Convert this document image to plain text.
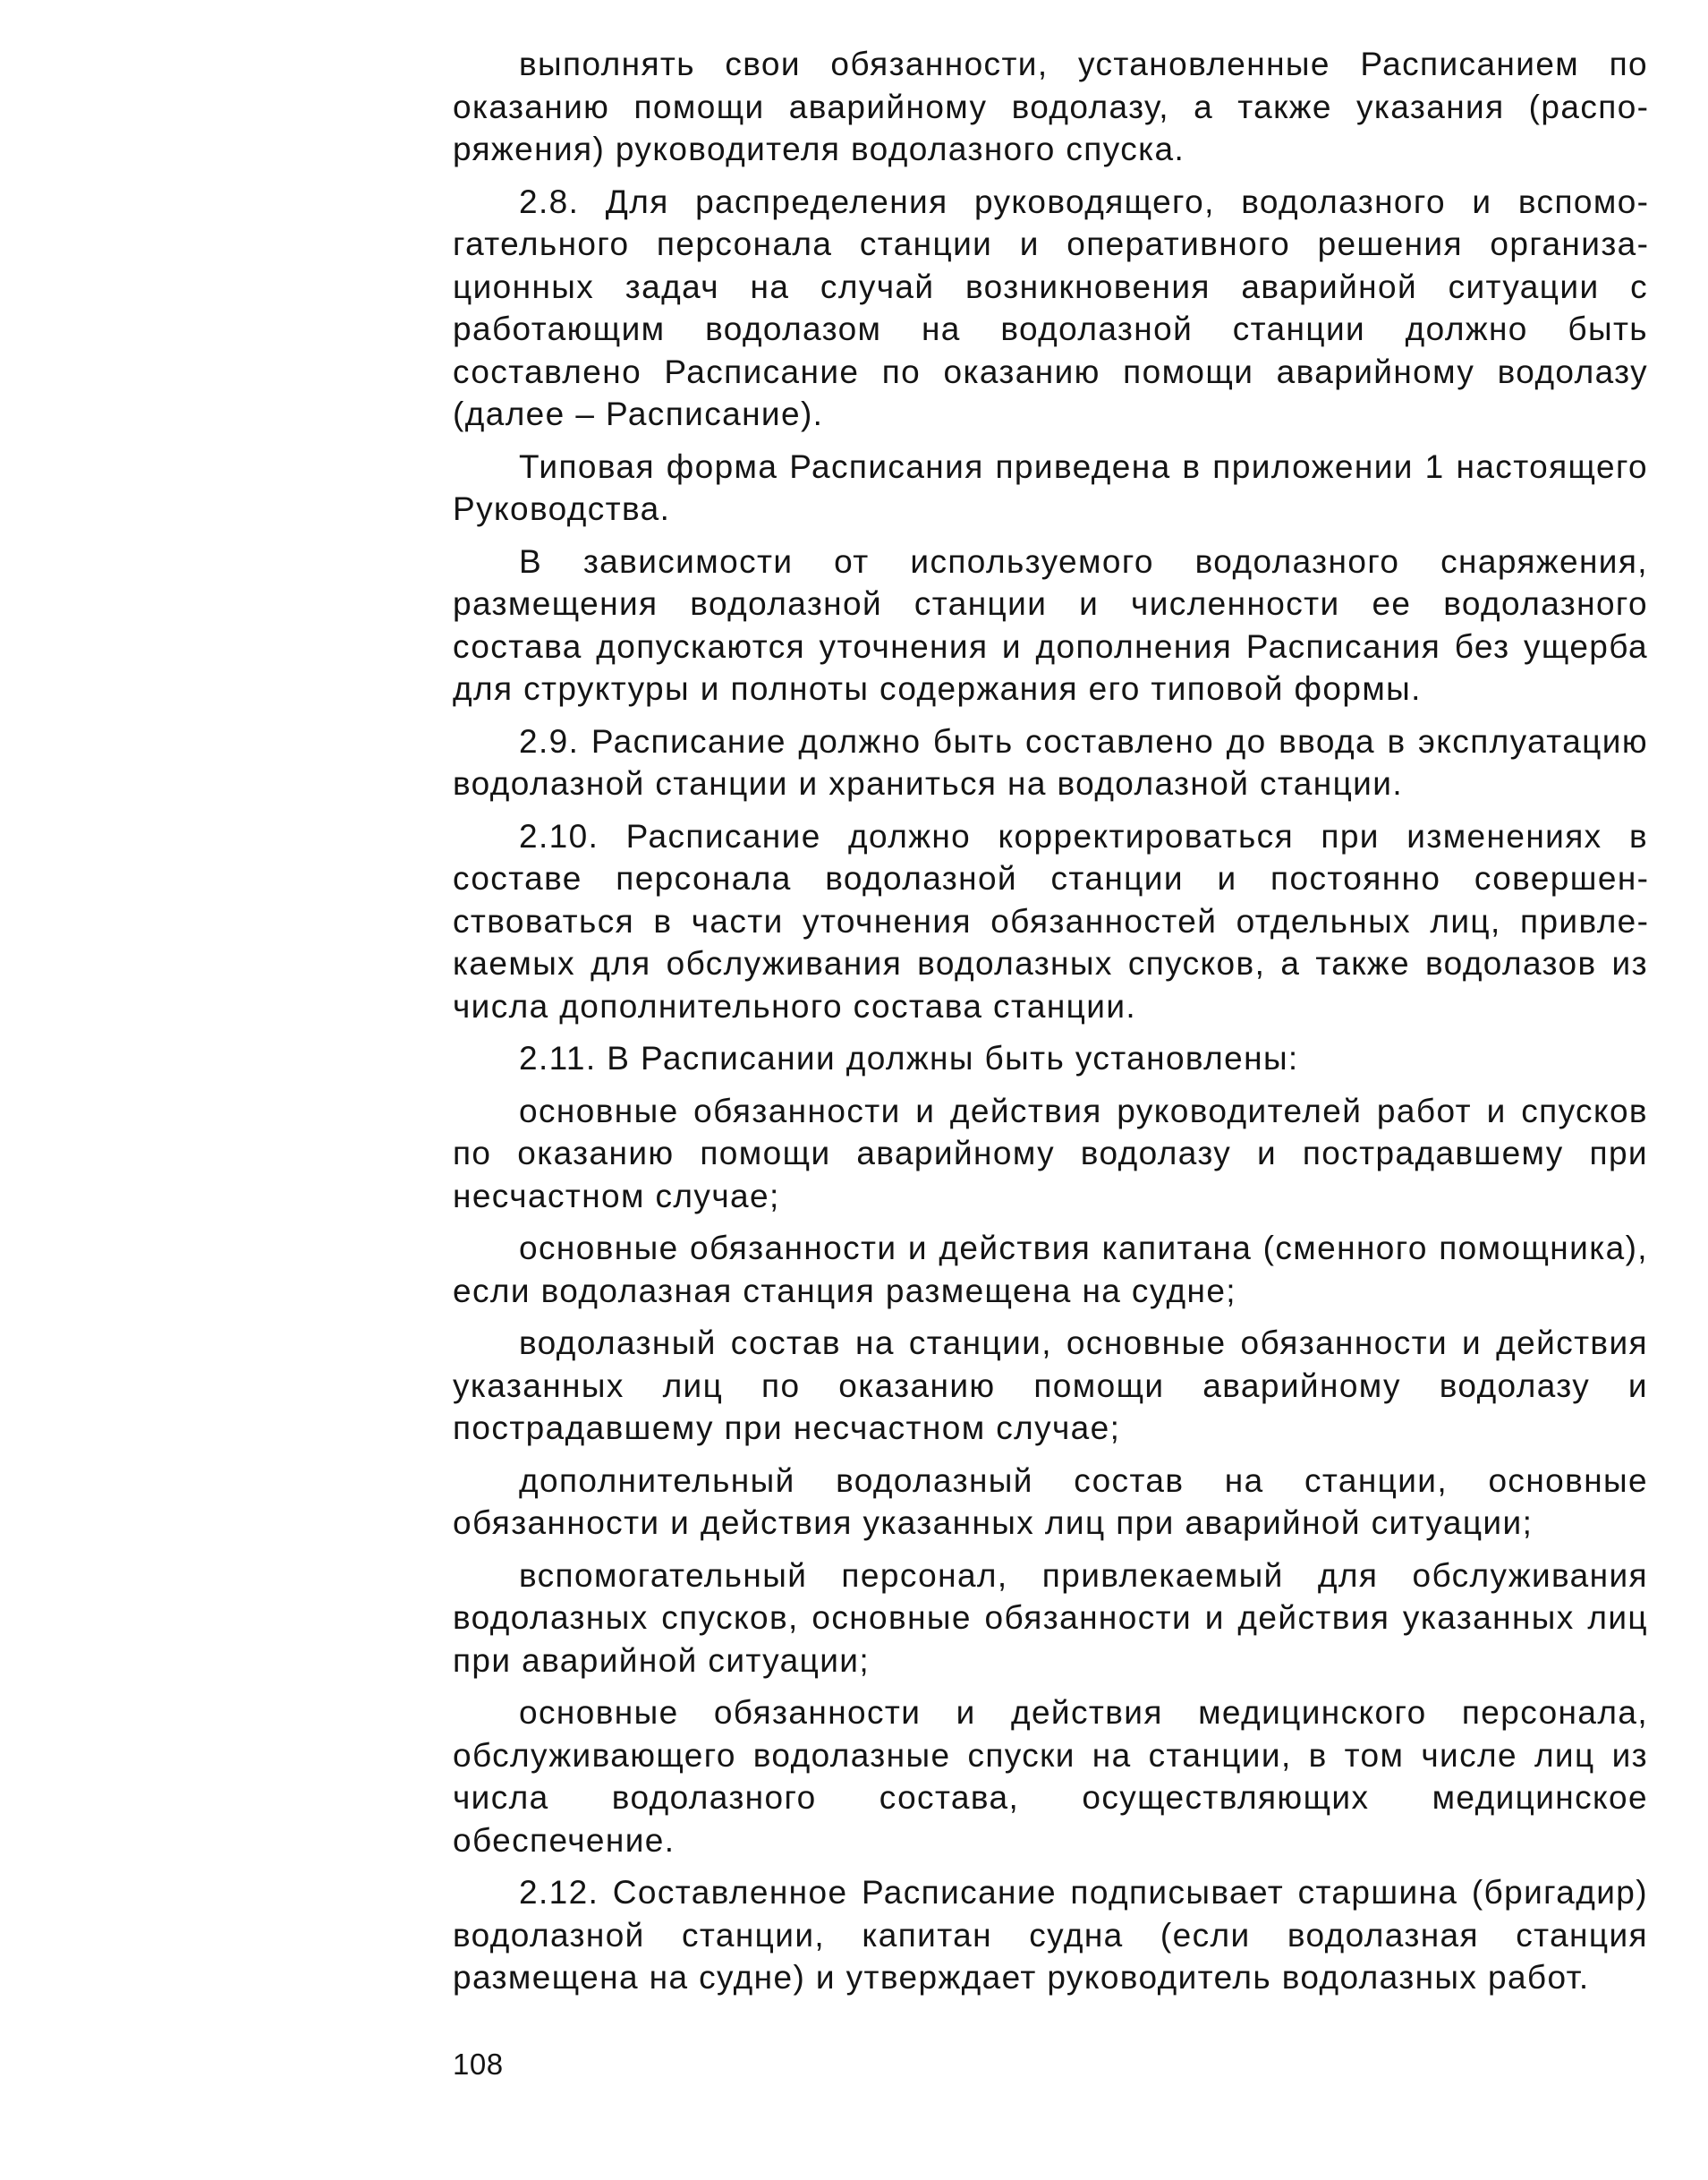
выполнять свои обязанности, установленные Расписанием по оказанию помощи аварийному водолазу, а также указания (распоряжения) руководителя водолазного спуска.

2.8. Для распределения руководящего, водолазного и вспомогательного персонала станции и оперативного решения организационных задач на случай возникновения аварийной ситуации с работающим водолазом на водолазной станции должно быть составлено Расписание по оказанию помощи аварийному водолазу (далее – Расписание).

Типовая форма Расписания приведена в приложении 1 настоящего Руководства.

В зависимости от используемого водолазного снаряжения, размещения водолазной станции и численности ее водолазного состава допускаются уточнения и дополнения Расписания без ущерба для структуры и полноты содержания его типовой формы.

2.9. Расписание должно быть составлено до ввода в эксплуатацию водолазной станции и храниться на водолазной станции.

2.10. Расписание должно корректироваться при изменениях в составе персонала водолазной станции и постоянно совершенствоваться в части уточнения обязанностей отдельных лиц, привлекаемых для обслуживания водолазных спусков, а также водолазов из числа дополнительного состава станции.

2.11. В Расписании должны быть установлены:

основные обязанности и действия руководителей работ и спусков по оказанию помощи аварийному водолазу и пострадавшему при несчастном случае;

основные обязанности и действия капитана (сменного помощника), если водолазная станция размещена на судне;

водолазный состав на станции, основные обязанности и действия указанных лиц по оказанию помощи аварийному водолазу и пострадавшему при несчастном случае;

дополнительный водолазный состав на станции, основные обязанности и действия указанных лиц при аварийной ситуации;

вспомогательный персонал, привлекаемый для обслуживания водолазных спусков, основные обязанности и действия указанных лиц при аварийной ситуации;

основные обязанности и действия медицинского персонала, обслуживающего водолазные спуски на станции, в том числе лиц из числа водолазного состава, осуществляющих медицинское обеспечение.

2.12. Составленное Расписание подписывает старшина (бригадир) водолазной станции, капитан судна (если водолазная станция размещена на судне) и утверждает руководитель водолазных работ.

108
